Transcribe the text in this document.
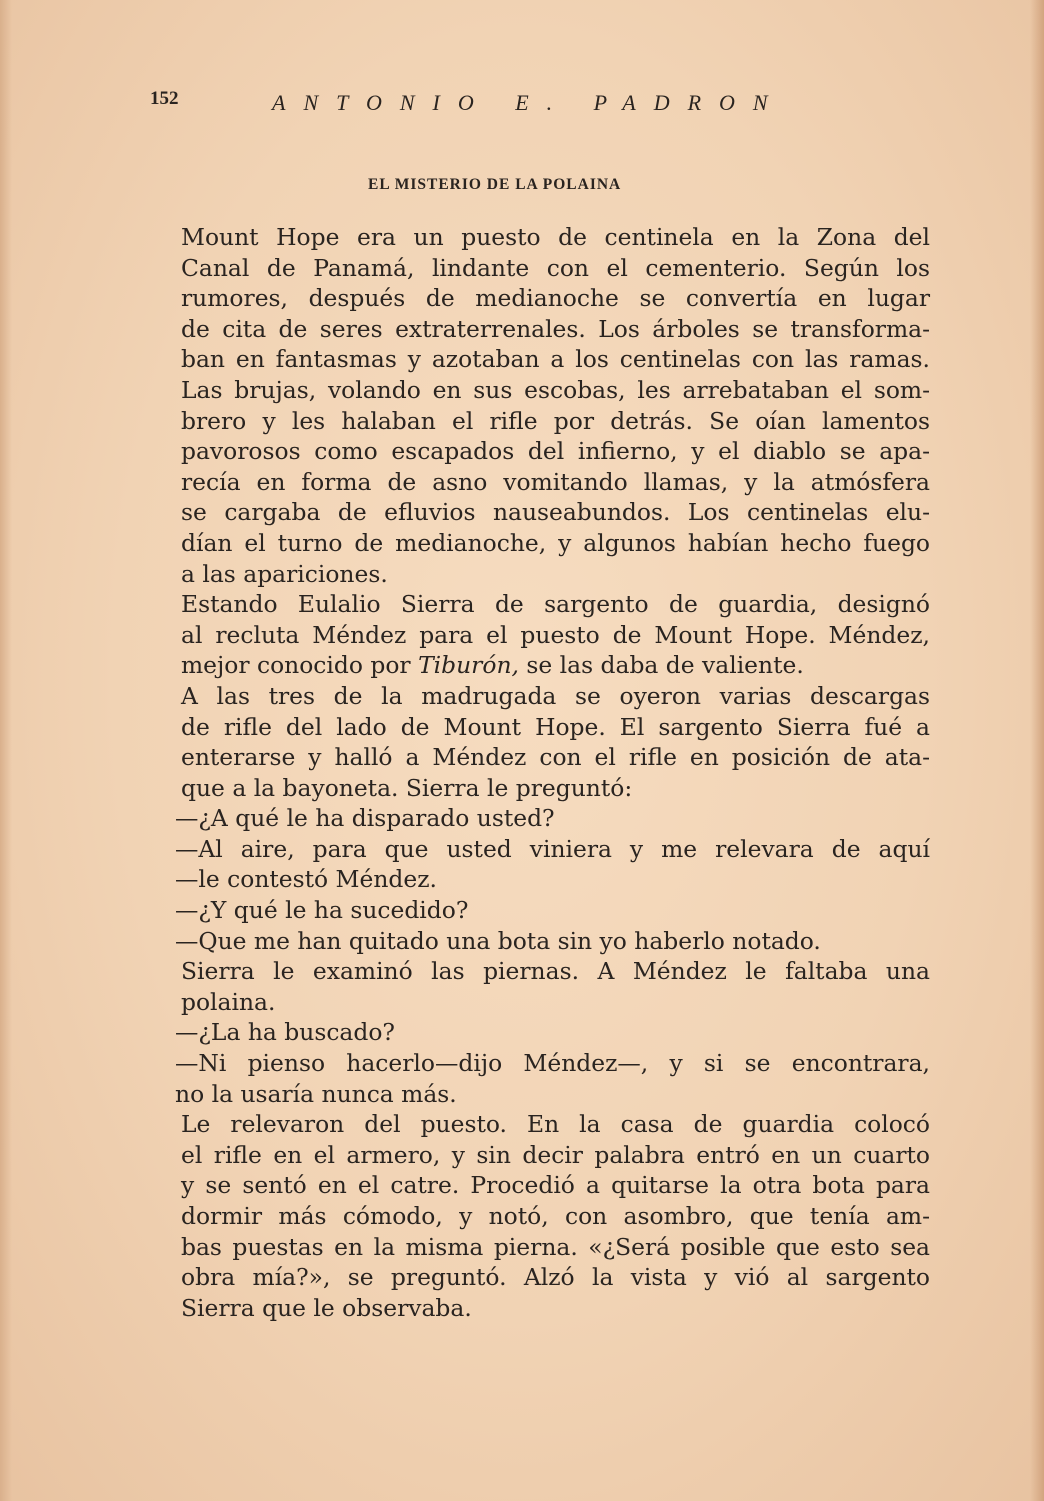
152	ANTONIO E. PADRON
EL MISTERIO DE LA POLAINA

Mount Hope era un puesto de centinela en la Zona del
Canal de Panamá, lindante con el cementerio. Según los
rumores, después de medianoche se convertía en lugar
de cita de seres extraterrenales. Los árboles se transforma-
ban en fantasmas y azotaban a los centinelas con las ramas.
Las brujas, volando en sus escobas, les arrebataban el som-
brero y les halaban el rifle por detrás. Se oían lamentos
pavorosos como escapados del infierno, y el diablo se apa-
recía en forma de asno vomitando llamas, y la atmósfera
se cargaba de efluvios nauseabundos. Los centinelas elu-
dían el turno de medianoche, y algunos habían hecho fuego
a las apariciones.

Estando Eulalio Sierra de sargento de guardia, designó
al recluta Méndez para el puesto de Mount Hope. Méndez,
mejor conocido por Tiburón, se las daba de valiente.

A las tres de la madrugada se oyeron varias descargas
de rifle del lado de Mount Hope. El sargento Sierra fué a
enterarse y halló a Méndez con el rifle en posición de ata-
que a la bayoneta. Sierra le preguntó:

—¿A qué le ha disparado usted?

—Al aire, para que usted viniera y me relevara de aquí
—le contestó Méndez.

—¿Y qué le ha sucedido?

—Que me han quitado una bota sin yo haberlo notado.

Sierra le examinó las piernas. A Méndez le faltaba una
polaina.

—¿La ha buscado?

—Ni pienso hacerlo—dijo Méndez—, y si se encontrara,
no la usaría nunca más.

Le relevaron del puesto. En la casa de guardia colocó
el rifle en el armero, y sin decir palabra entró en un cuarto
y se sentó en el catre. Procedió a quitarse la otra bota para
dormir más cómodo, y notó, con asombro, que tenía am-
bas puestas en la misma pierna. «¿Será posible que esto sea
obra mía?», se preguntó. Alzó la vista y vió al sargento
Sierra que le observaba.
